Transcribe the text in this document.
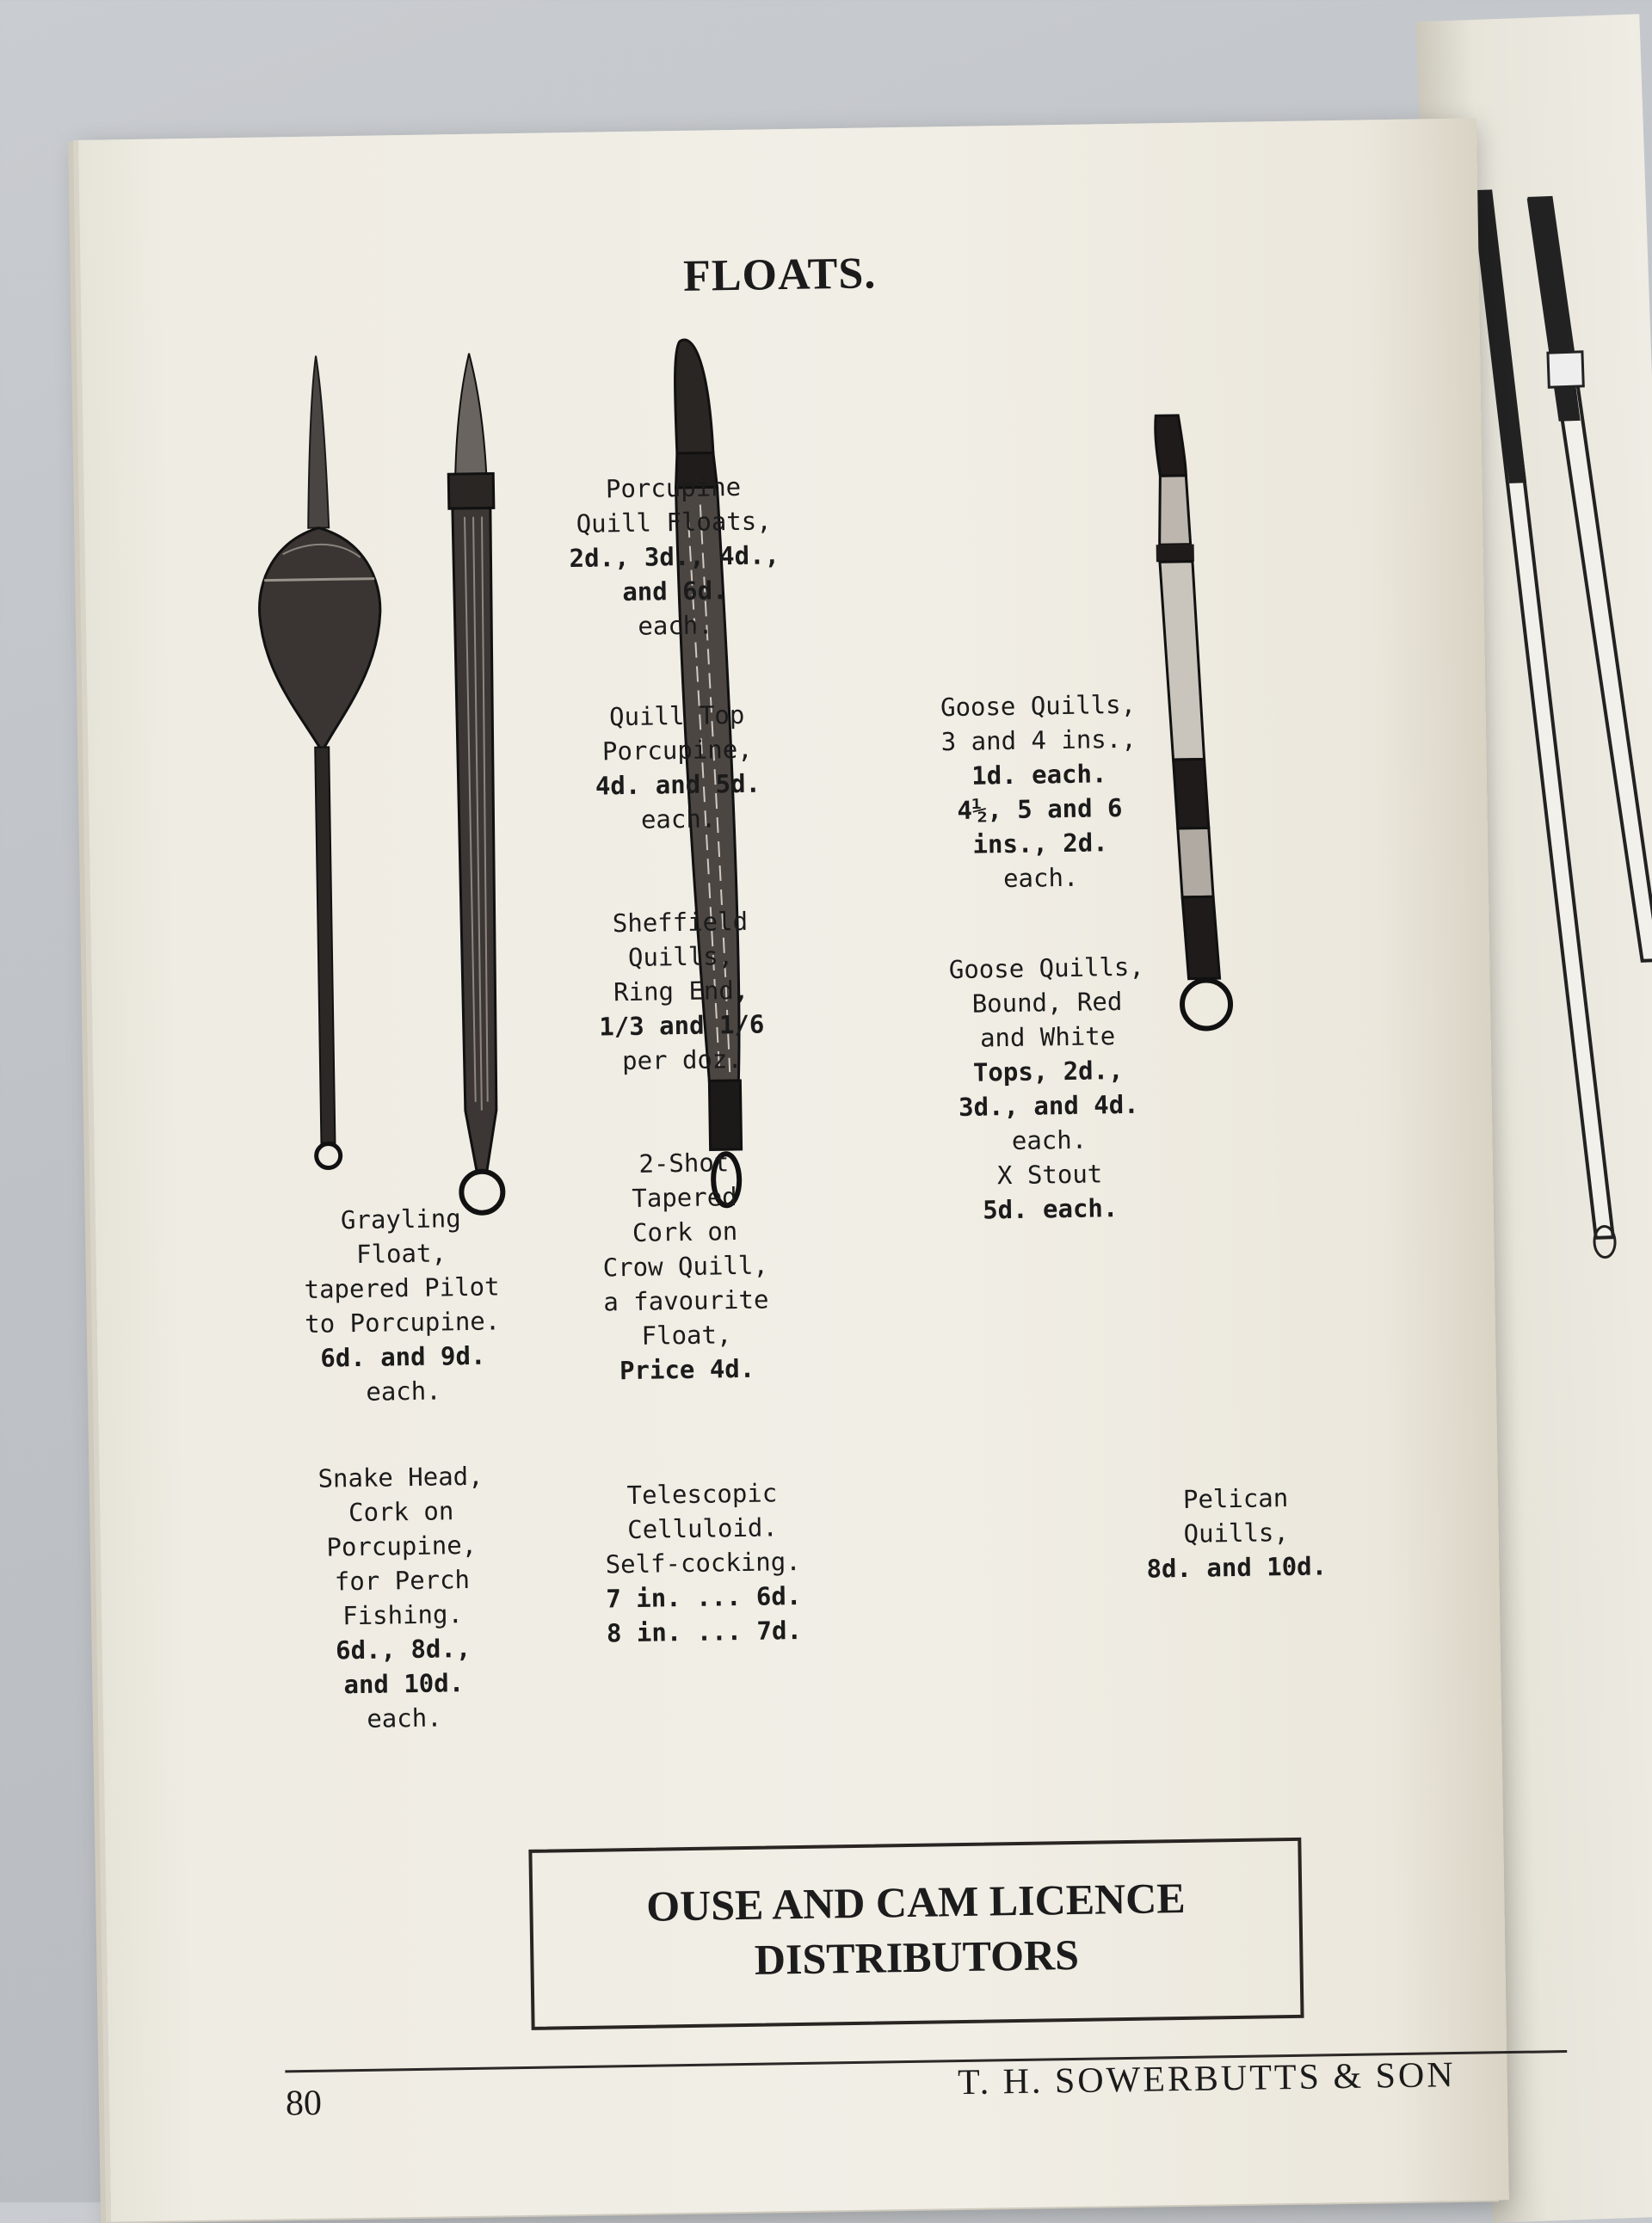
FLOATS.
Grayling
Float,
tapered Pilot
to Porcupine.
6d. and 9d.
each.
Snake Head,
Cork on
Porcupine,
for Perch
Fishing.
6d., 8d.,
and 10d.
each.
Porcupine
Quill Floats,
2d., 3d., 4d.,
and 6d.
each.
Quill Top
Porcupine,
4d. and 5d.
each.
Sheffield
Quills,
Ring End,
1/3 and 1/6
per doz.
2-Shot
Tapered
Cork on
Crow Quill,
a favourite
Float,
Price 4d.
Telescopic
Celluloid.
Self-cocking.
7 in. ... 6d.
8 in. ... 7d.
Goose Quills,
3 and 4 ins.,
1d. each.
4½, 5 and 6
ins., 2d.
each.
Goose Quills,
Bound, Red
and White
Tops, 2d.,
3d., and 4d.
each.
X Stout
5d. each.
Pelican
Quills,
8d. and 10d.
OUSE AND CAM LICENCE
DISTRIBUTORS
80
T. H. SOWERBUTTS & SON
